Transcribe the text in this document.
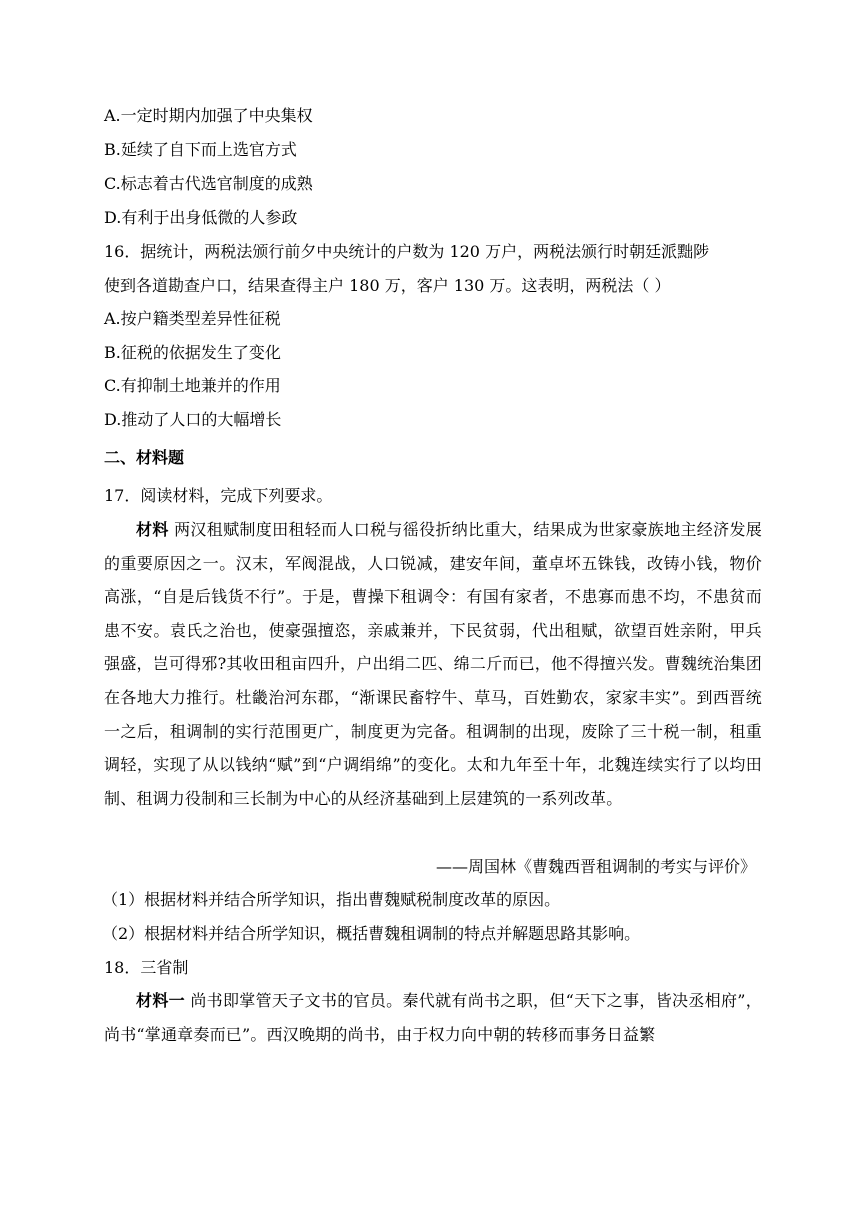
A.一定时期内加强了中央集权

B.延续了自下而上选官方式

C.标志着古代选官制度的成熟

D.有利于出身低微的人参政

16．据统计，两税法颁行前夕中央统计的户数为 120 万户，两税法颁行时朝廷派黜陟

使到各道勘查户口，结果查得主户 180 万，客户 130 万。这表明，两税法（ ）

A.按户籍类型差异性征税

B.征税的依据发生了变化

C.有抑制土地兼并的作用

D.推动了人口的大幅增长

二、材料题

17．阅读材料，完成下列要求。

材料 两汉租赋制度田租轻而人口税与徭役折纳比重大，结果成为世家豪族地主经济发展的重要原因之一。汉末，军阀混战，人口锐减，建安年间，董卓坏五铢钱，改铸小钱，物价高涨，“自是后钱货不行”。于是，曹操下租调令：有国有家者，不患寡而患不均，不患贫而患不安。袁氏之治也，使豪强擅恣，亲戚兼并，下民贫弱，代出租赋，欲望百姓亲附，甲兵强盛，岂可得邪?其收田租亩四升，户出绢二匹、绵二斤而已，他不得擅兴发。曹魏统治集团在各地大力推行。杜畿治河东郡，“渐课民畜牸牛、草马，百姓勤农，家家丰实”。到西晋统一之后，租调制的实行范围更广，制度更为完备。租调制的出现，废除了三十税一制，租重调轻，实现了从以钱纳“赋”到“户调绢绵”的变化。太和九年至十年，北魏连续实行了以均田制、租调力役制和三长制为中心的从经济基础到上层建筑的一系列改革。

——周国林《曹魏西晋租调制的考实与评价》

（1）根据材料并结合所学知识，指出曹魏赋税制度改革的原因。

（2）根据材料并结合所学知识，概括曹魏租调制的特点并解题思路其影响。

18．三省制

材料一 尚书即掌管天子文书的官员。秦代就有尚书之职，但“天下之事，皆决丞相府”，尚书“掌通章奏而已”。西汉晚期的尚书，由于权力向中朝的转移而事务日益繁
